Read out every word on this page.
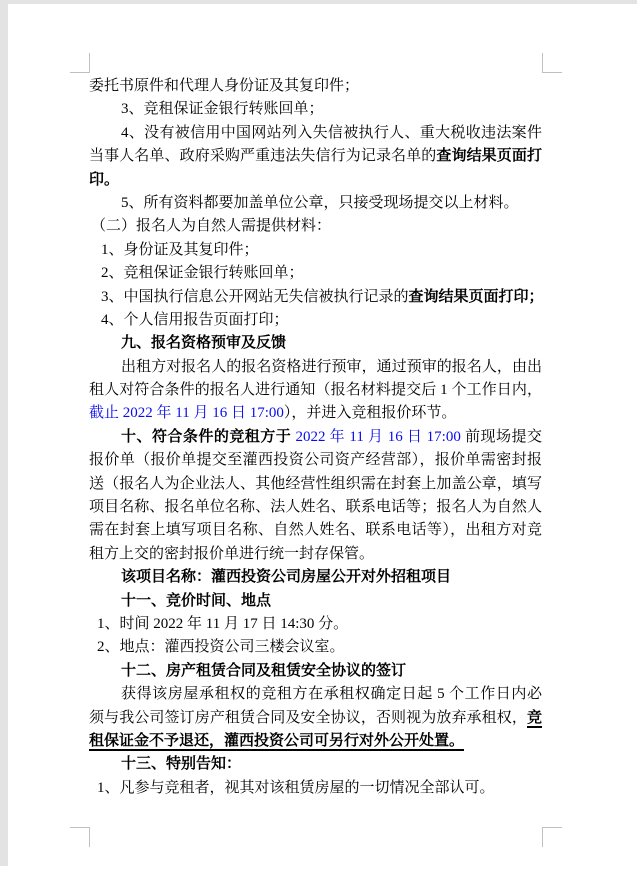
委托书原件和代理人身份证及其复印件；
3、竞租保证金银行转账回单；
4、没有被信用中国网站列入失信被执行人、重大税收违法案件
当事人名单、政府采购严重违法失信行为记录名单的查询结果页面打
印。
5、所有资料都要加盖单位公章，只接受现场提交以上材料。
（二）报名人为自然人需提供材料：
1、身份证及其复印件；
2、竞租保证金银行转账回单；
3、中国执行信息公开网站无失信被执行记录的查询结果页面打印；
4、个人信用报告页面打印；
九、报名资格预审及反馈
出租方对报名人的报名资格进行预审，通过预审的报名人，由出
租人对符合条件的报名人进行通知（报名材料提交后 1 个工作日内，
截止 2022 年 11 月 16 日 17:00），并进入竞租报价环节。
十、符合条件的竞租方于 2022 年 11 月 16 日 17:00 前现场提交
报价单（报价单提交至灌西投资公司资产经营部），报价单需密封报
送（报名人为企业法人、其他经营性组织需在封套上加盖公章，填写
项目名称、报名单位名称、法人姓名、联系电话等；报名人为自然人
需在封套上填写项目名称、自然人姓名、联系电话等），出租方对竞
租方上交的密封报价单进行统一封存保管。
该项目名称：灌西投资公司房屋公开对外招租项目
十一、竞价时间、地点
1、时间 2022 年 11 月 17 日 14:30 分。
2、地点：灌西投资公司三楼会议室。
十二、房产租赁合同及租赁安全协议的签订
获得该房屋承租权的竞租方在承租权确定日起 5 个工作日内必
须与我公司签订房产租赁合同及安全协议，否则视为放弃承租权，竞
租保证金不予退还，灌西投资公司可另行对外公开处置。
十三、特别告知：
1、凡参与竞租者，视其对该租赁房屋的一切情况全部认可。
